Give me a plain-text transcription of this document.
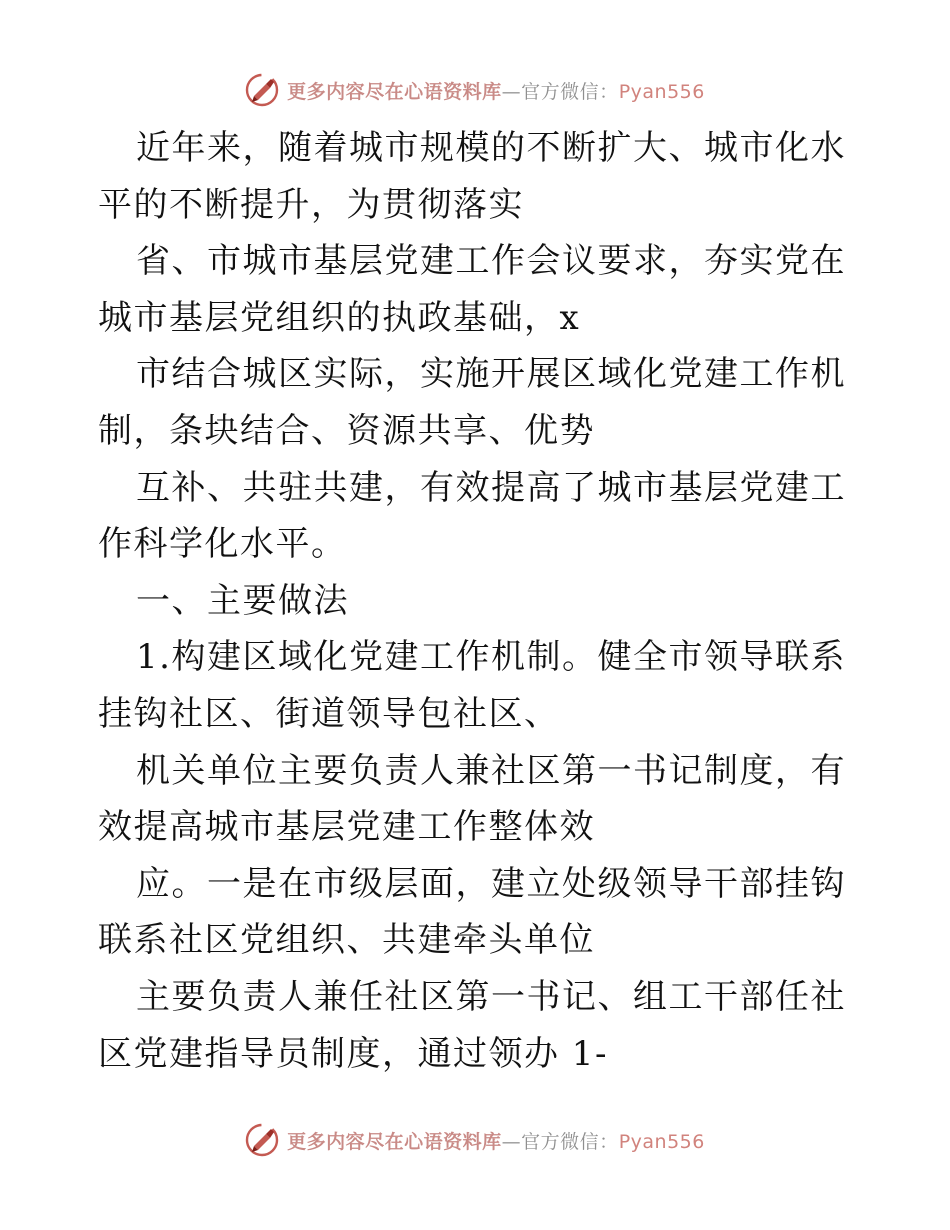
更多内容尽在心语资料库—官方微信：Pyan556

近年来，随着城市规模的不断扩大、城市化水平的不断提升，为贯彻落实

省、市城市基层党建工作会议要求，夯实党在城市基层党组织的执政基础，x

市结合城区实际，实施开展区域化党建工作机制，条块结合、资源共享、优势

互补、共驻共建，有效提高了城市基层党建工作科学化水平。

一、主要做法

1.构建区域化党建工作机制。健全市领导联系挂钩社区、街道领导包社区、

机关单位主要负责人兼社区第一书记制度，有效提高城市基层党建工作整体效

应。一是在市级层面，建立处级领导干部挂钩联系社区党组织、共建牵头单位

主要负责人兼任社区第一书记、组工干部任社区党建指导员制度，通过领办 1-

更多内容尽在心语资料库—官方微信：Pyan556
